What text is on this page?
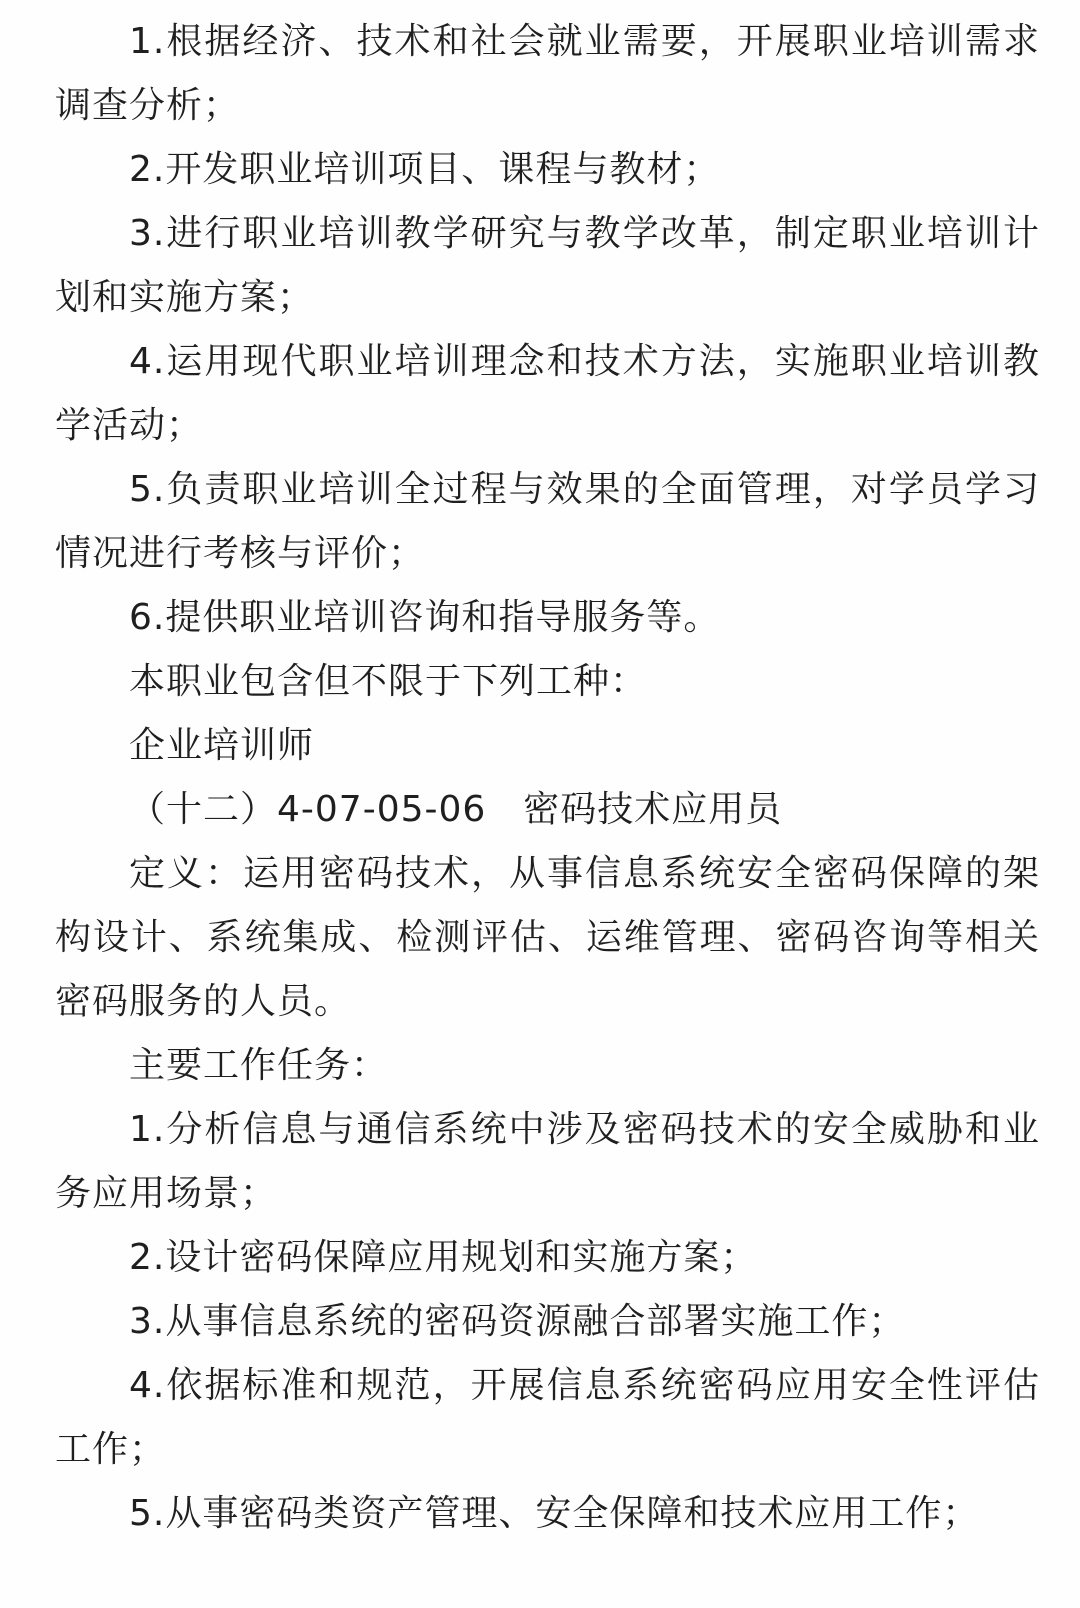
1.根据经济、技术和社会就业需要，开展职业培训需求调查分析；

2.开发职业培训项目、课程与教材；

3.进行职业培训教学研究与教学改革，制定职业培训计划和实施方案；

4.运用现代职业培训理念和技术方法，实施职业培训教学活动；

5.负责职业培训全过程与效果的全面管理，对学员学习情况进行考核与评价；

6.提供职业培训咨询和指导服务等。

本职业包含但不限于下列工种：

企业培训师

（十二）4-07-05-06　密码技术应用员

定义：运用密码技术，从事信息系统安全密码保障的架构设计、系统集成、检测评估、运维管理、密码咨询等相关密码服务的人员。

主要工作任务：

1.分析信息与通信系统中涉及密码技术的安全威胁和业务应用场景；

2.设计密码保障应用规划和实施方案；

3.从事信息系统的密码资源融合部署实施工作；

4.依据标准和规范，开展信息系统密码应用安全性评估工作；

5.从事密码类资产管理、安全保障和技术应用工作；
